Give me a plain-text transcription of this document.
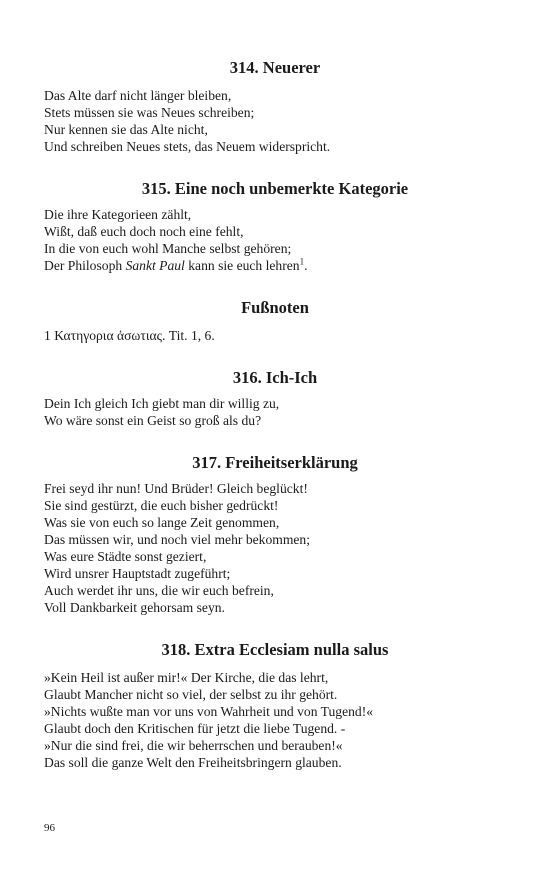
314. Neuerer

Das Alte darf nicht länger bleiben,
Stets müssen sie was Neues schreiben;
Nur kennen sie das Alte nicht,
Und schreiben Neues stets, das Neuem widerspricht.

315. Eine noch unbemerkte Kategorie

Die ihre Kategorieen zählt,
Wißt, daß euch doch noch eine fehlt,
In die von euch wohl Manche selbst gehören;
Der Philosoph Sankt Paul kann sie euch lehren$^1$.

Fußnoten

1 Κατηγορια ἀσωτιας. Tit. 1, 6.

316. Ich-Ich

Dein Ich gleich Ich giebt man dir willig zu,
Wo wäre sonst ein Geist so groß als du?

317. Freiheitserklärung

Frei seyd ihr nun! Und Brüder! Gleich beglückt!
Sie sind gestürzt, die euch bisher gedrückt!
Was sie von euch so lange Zeit genommen,
Das müssen wir, und noch viel mehr bekommen;
Was eure Städte sonst geziert,
Wird unsrer Hauptstadt zugeführt;
Auch werdet ihr uns, die wir euch befrein,
Voll Dankbarkeit gehorsam seyn.

318. Extra Ecclesiam nulla salus

»Kein Heil ist außer mir!« Der Kirche, die das lehrt,
Glaubt Mancher nicht so viel, der selbst zu ihr gehört.
»Nichts wußte man vor uns von Wahrheit und von Tugend!«
Glaubt doch den Kritischen für jetzt die liebe Tugend. -
»Nur die sind frei, die wir beherrschen und berauben!«
Das soll die ganze Welt den Freiheitsbringern glauben.

96
